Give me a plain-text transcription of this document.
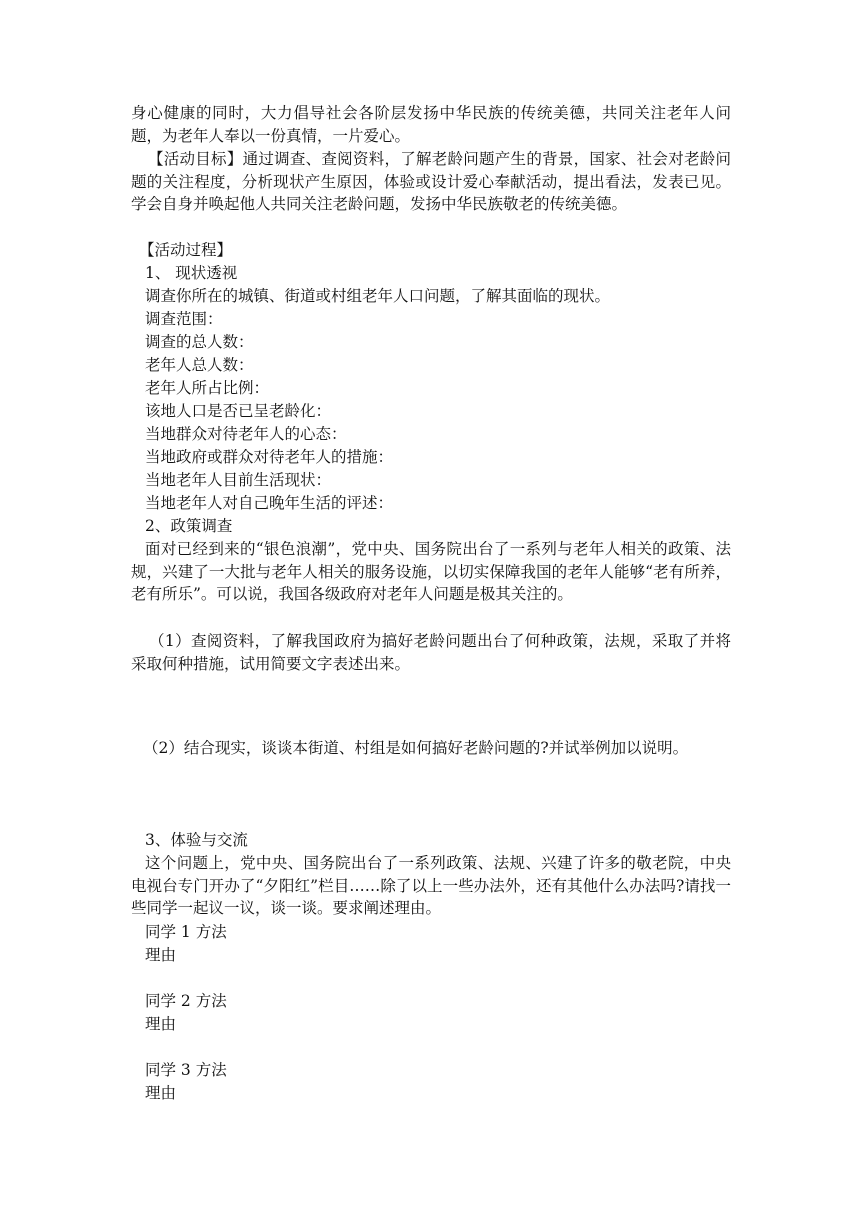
身心健康的同时，大力倡导社会各阶层发扬中华民族的传统美德，共同关注老年人问题，为老年人奉以一份真情，一片爱心。

【活动目标】通过调查、查阅资料，了解老龄问题产生的背景，国家、社会对老龄问题的关注程度，分析现状产生原因，体验或设计爱心奉献活动，提出看法，发表已见。学会自身并唤起他人共同关注老龄问题，发扬中华民族敬老的传统美德。

【活动过程】

1、 现状透视

调查你所在的城镇、街道或村组老年人口问题，了解其面临的现状。

调查范围：

调查的总人数：

老年人总人数：

老年人所占比例：

该地人口是否已呈老龄化：

当地群众对待老年人的心态：

当地政府或群众对待老年人的措施：

当地老年人目前生活现状：

当地老年人对自己晚年生活的评述：

2、政策调查

面对已经到来的“银色浪潮”，党中央、国务院出台了一系列与老年人相关的政策、法规，兴建了一大批与老年人相关的服务设施，以切实保障我国的老年人能够“老有所养，老有所乐”。可以说，我国各级政府对老年人问题是极其关注的。

（1）查阅资料，了解我国政府为搞好老龄问题出台了何种政策，法规，采取了并将采取何种措施，试用简要文字表述出来。

（2）结合现实，谈谈本街道、村组是如何搞好老龄问题的?并试举例加以说明。

3、体验与交流

这个问题上，党中央、国务院出台了一系列政策、法规、兴建了许多的敬老院，中央电视台专门开办了“夕阳红”栏目……除了以上一些办法外，还有其他什么办法吗?请找一些同学一起议一议，谈一谈。要求阐述理由。

同学 1 方法

理由

同学 2 方法

理由

同学 3 方法

理由
